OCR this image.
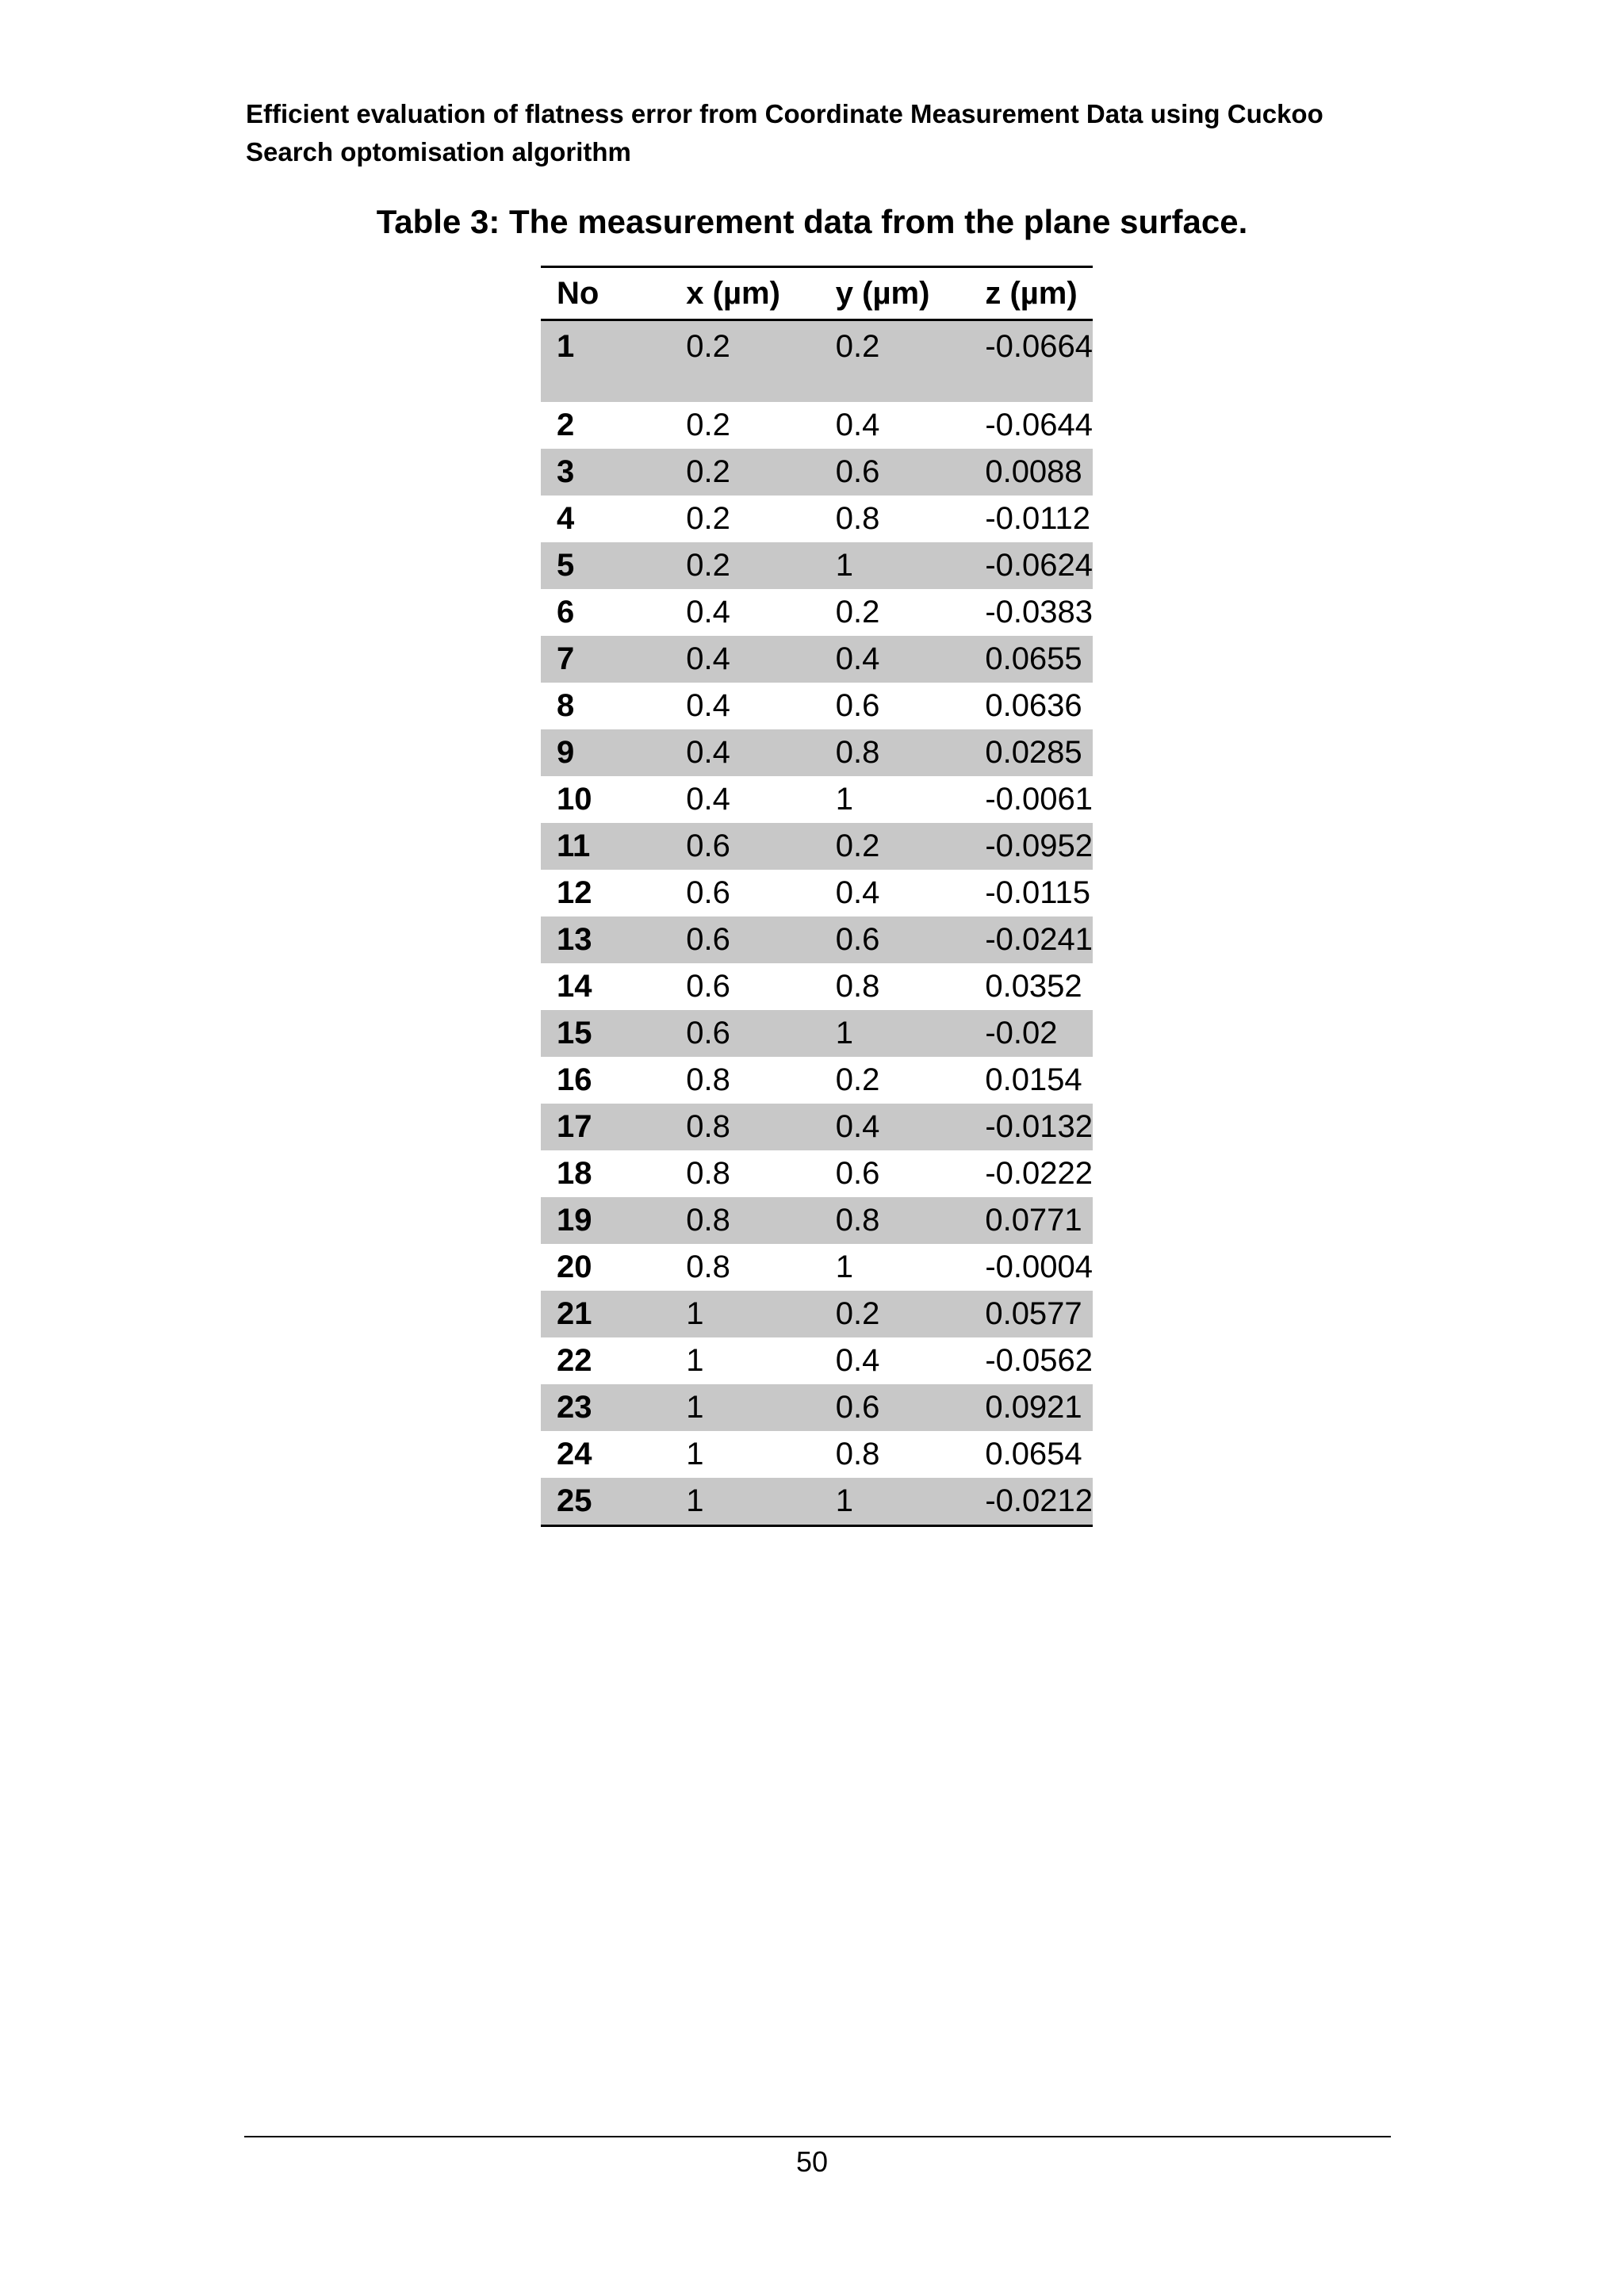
Efficient evaluation of flatness error from Coordinate Measurement Data using Cuckoo
Search optomisation algorithm
Table 3: The measurement data from the plane surface.
No	x (µm)	y (µm)	z (µm)
1	0.2	0.2	-0.0664
2	0.2	0.4	-0.0644
3	0.2	0.6	0.0088
4	0.2	0.8	-0.0112
5	0.2	1	-0.0624
6	0.4	0.2	-0.0383
7	0.4	0.4	0.0655
8	0.4	0.6	0.0636
9	0.4	0.8	0.0285
10	0.4	1	-0.0061
11	0.6	0.2	-0.0952
12	0.6	0.4	-0.0115
13	0.6	0.6	-0.0241
14	0.6	0.8	0.0352
15	0.6	1	-0.02
16	0.8	0.2	0.0154
17	0.8	0.4	-0.0132
18	0.8	0.6	-0.0222
19	0.8	0.8	0.0771
20	0.8	1	-0.0004
21	1	0.2	0.0577
22	1	0.4	-0.0562
23	1	0.6	0.0921
24	1	0.8	0.0654
25	1	1	-0.0212
50
